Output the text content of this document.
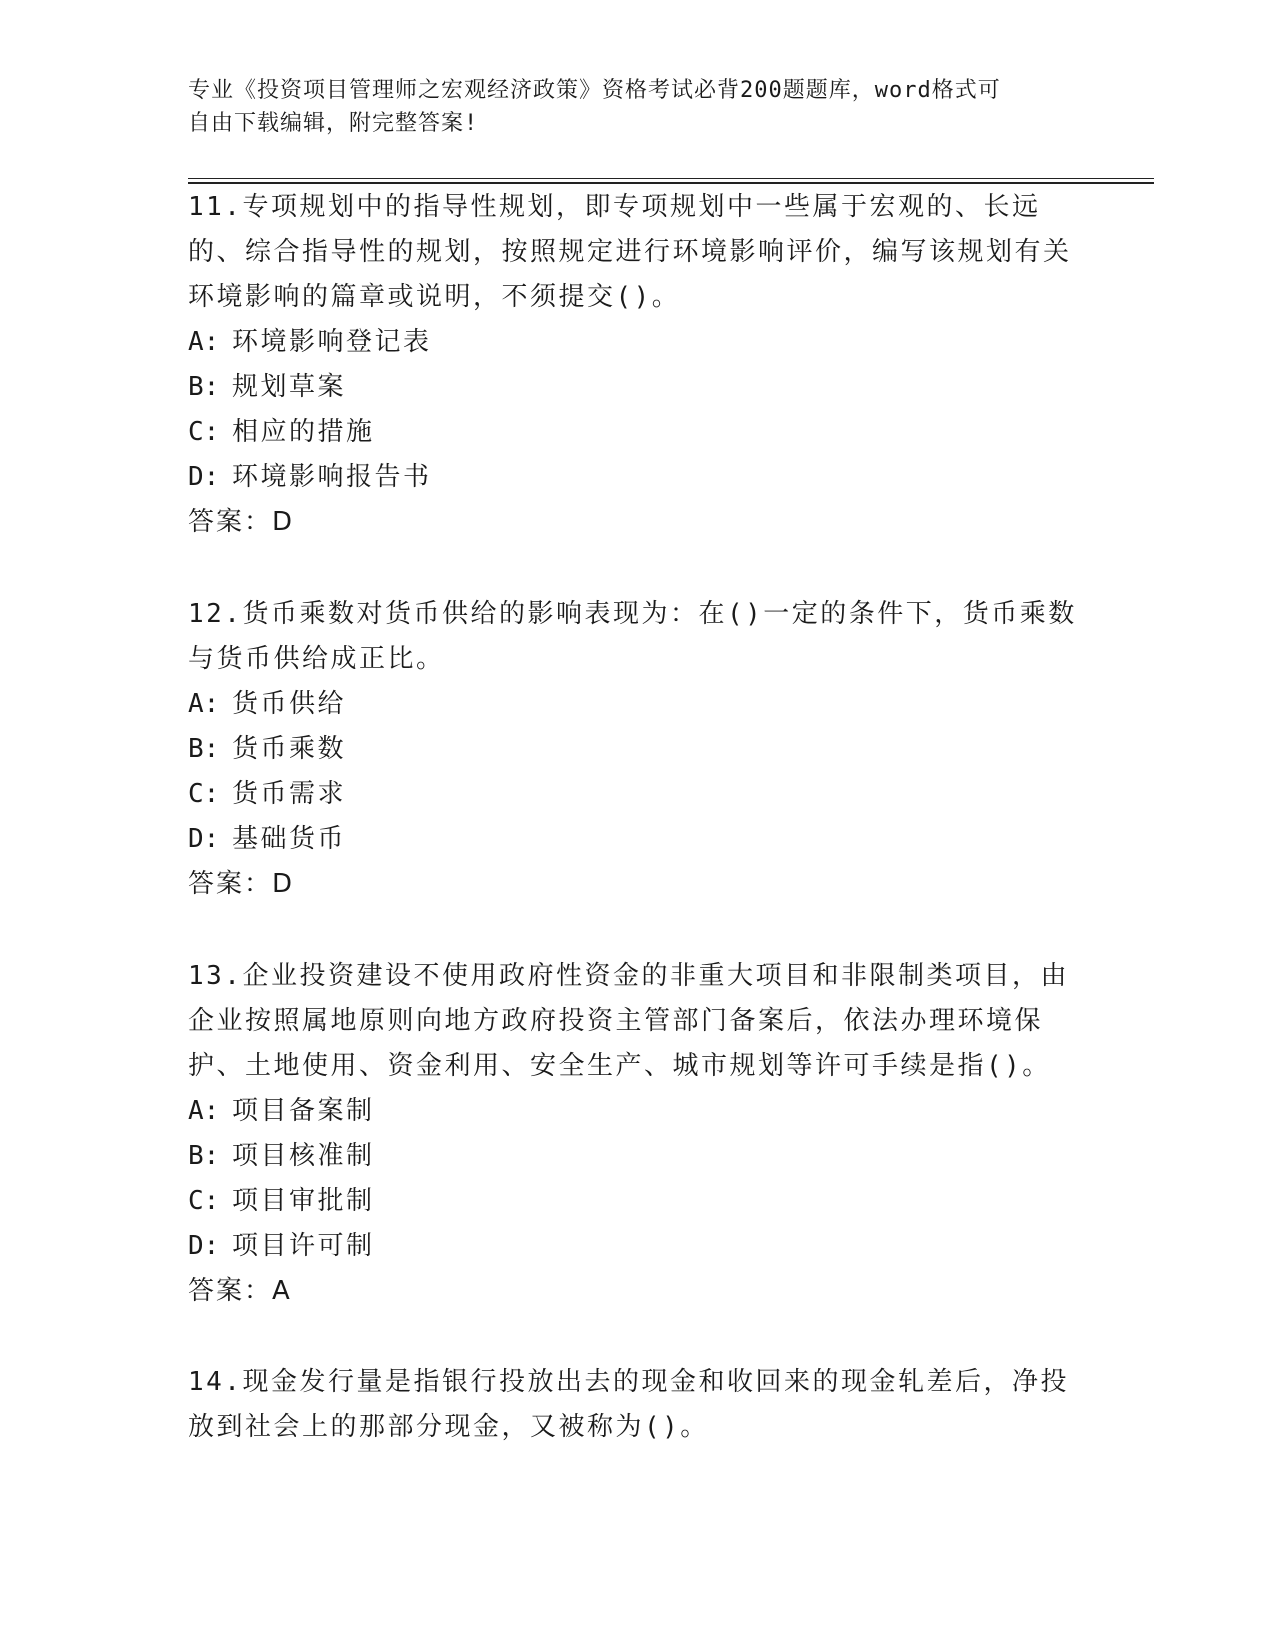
专业《投资项目管理师之宏观经济政策》资格考试必背200题题库，word格式可
自由下载编辑，附完整答案!
11.专项规划中的指导性规划，即专项规划中一些属于宏观的、长远的、综合指导性的规划，按照规定进行环境影响评价，编写该规划有关环境影响的篇章或说明，不须提交()。
A: 环境影响登记表
B: 规划草案
C: 相应的措施
D: 环境影响报告书
答案：D
12.货币乘数对货币供给的影响表现为：在()一定的条件下，货币乘数与货币供给成正比。
A: 货币供给
B: 货币乘数
C: 货币需求
D: 基础货币
答案：D
13.企业投资建设不使用政府性资金的非重大项目和非限制类项目，由企业按照属地原则向地方政府投资主管部门备案后，依法办理环境保护、土地使用、资金利用、安全生产、城市规划等许可手续是指()。
A: 项目备案制
B: 项目核准制
C: 项目审批制
D: 项目许可制
答案：A
14.现金发行量是指银行投放出去的现金和收回来的现金轧差后，净投放到社会上的那部分现金，又被称为()。
